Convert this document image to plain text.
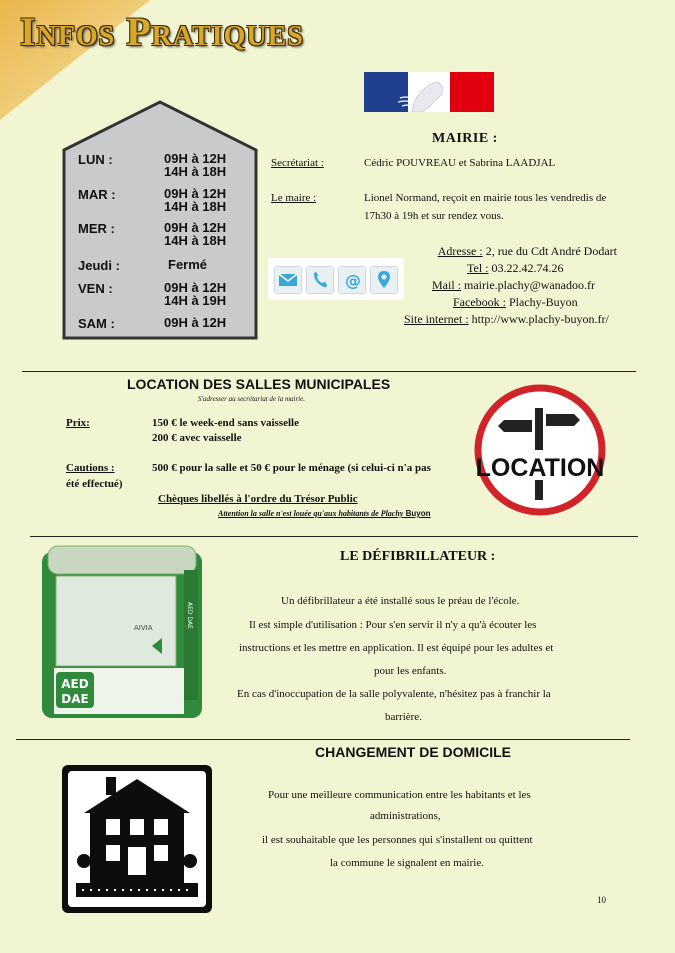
Infos Pratiques
LUN :	09H à 12H
14H à 18H
MAR :	09H à 12H
14H à 18H
MER :	09H à 12H
14H à 18H
Jeudi :	Fermé
VEN :	09H à 12H
14H à 19H
SAM :	09H à 12H
MAIRIE :
Secrétariat :	Cédric POUVREAU et Sabrina LAADJAL
Le maire :	Lionel Normand, reçoit en mairie tous les vendredis de
17h30 à 19h et sur rendez vous.
Adresse : 2, rue du Cdt André Dodart
Tel : 03.22.42.74.26
Mail : mairie.plachy@wanadoo.fr
Facebook : Plachy-Buyon
Site internet : http://www.plachy-buyon.fr/
@
LOCATION DES SALLES MUNICIPALES
S'adresser au secrétariat de la mairie.
Prix:	150 € le week-end sans vaisselle
200 € avec vaisselle
Cautions :	500 € pour la salle et 50 € pour le ménage (si celui-ci n'a pas
été effectué)
Chèques libellés à l'ordre du Trésor Public
Attention la salle n'est louée qu'aux habitants de Plachy Buyon
LOCATION
AED
DAE
AIVIA	AED DAE
LE DÉFIBRILLATEUR :
Un défibrillateur a été installé sous le préau de l'école.
Il est simple d'utilisation : Pour s'en servir il n'y a qu'à écouter les
instructions et les mettre en application. Il est équipé pour les adultes et
pour les enfants.
En cas d'inoccupation de la salle polyvalente, n'hésitez pas à franchir la
barrière.
CHANGEMENT DE DOMICILE
Pour une meilleure communication entre les habitants et les
administrations,
il est souhaitable que les personnes qui s'installent ou quittent
la commune le signalent en mairie.
10
